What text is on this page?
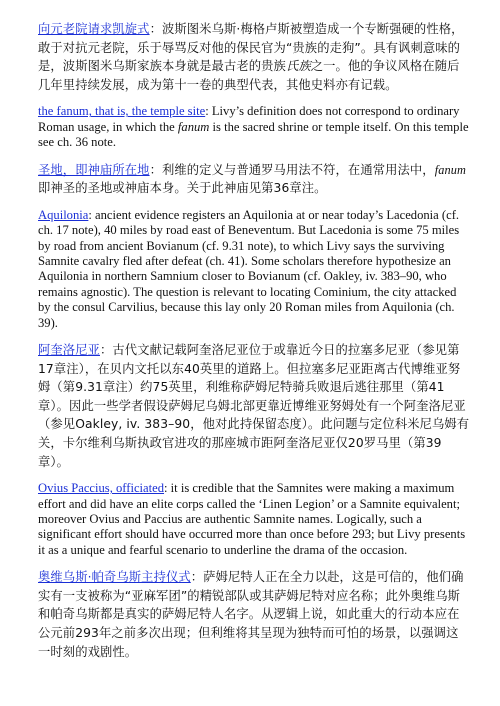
向元老院请求凯旋式：波斯图米乌斯·梅格卢斯被塑造成一个专断强硬的性格，敢于对抗元老院，乐于辱骂反对他的保民官为“贵族的走狗”。具有讽刺意味的是，波斯图米乌斯家族本身就是最古老的贵族氏族之一。他的争议风格在随后几年里持续发展，成为第十一卷的典型代表，其他史料亦有记载。

the fanum, that is, the temple site: Livy’s definition does not correspond to ordinary Roman usage, in which the fanum is the sacred shrine or temple itself. On this temple see ch. 36 note.

圣地，即神庙所在地：利维的定义与普通罗马用法不符，在通常用法中，fanum即神圣的圣地或神庙本身。关于此神庙见第36章注。

Aquilonia: ancient evidence registers an Aquilonia at or near today’s Lacedonia (cf. ch. 17 note), 40 miles by road east of Beneventum. But Lacedonia is some 75 miles by road from ancient Bovianum (cf. 9.31 note), to which Livy says the surviving Samnite cavalry fled after defeat (ch. 41). Some scholars therefore hypothesize an Aquilonia in northern Samnium closer to Bovianum (cf. Oakley, iv. 383–90, who remains agnostic). The question is relevant to locating Cominium, the city attacked by the consul Carvilius, because this lay only 20 Roman miles from Aquilonia (ch. 39).

阿奎洛尼亚：古代文献记载阿奎洛尼亚位于或靠近今日的拉塞多尼亚（参见第17章注），在贝内文托以东40英里的道路上。但拉塞多尼亚距离古代博维亚努姆（第9.31章注）约75英里，利维称萨姆尼特骑兵败退后逃往那里（第41章）。因此一些学者假设萨姆尼乌姆北部更靠近博维亚努姆处有一个阿奎洛尼亚（参见Oakley, iv. 383–90，他对此持保留态度）。此问题与定位科米尼乌姆有关，卡尔维利乌斯执政官进攻的那座城市距阿奎洛尼亚仅20罗马里（第39章）。

Ovius Paccius, officiated: it is credible that the Samnites were making a maximum effort and did have an elite corps called the ‘Linen Legion’ or a Samnite equivalent; moreover Ovius and Paccius are authentic Samnite names. Logically, such a significant effort should have occurred more than once before 293; but Livy presents it as a unique and fearful scenario to underline the drama of the occasion.

奥维乌斯·帕奇乌斯主持仪式：萨姆尼特人正在全力以赴，这是可信的，他们确实有一支被称为“亚麻军团”的精锐部队或其萨姆尼特对应名称；此外奥维乌斯和帕奇乌斯都是真实的萨姆尼特人名字。从逻辑上说，如此重大的行动本应在公元前293年之前多次出现；但利维将其呈现为独特而可怕的场景，以强调这一时刻的戏剧性。
